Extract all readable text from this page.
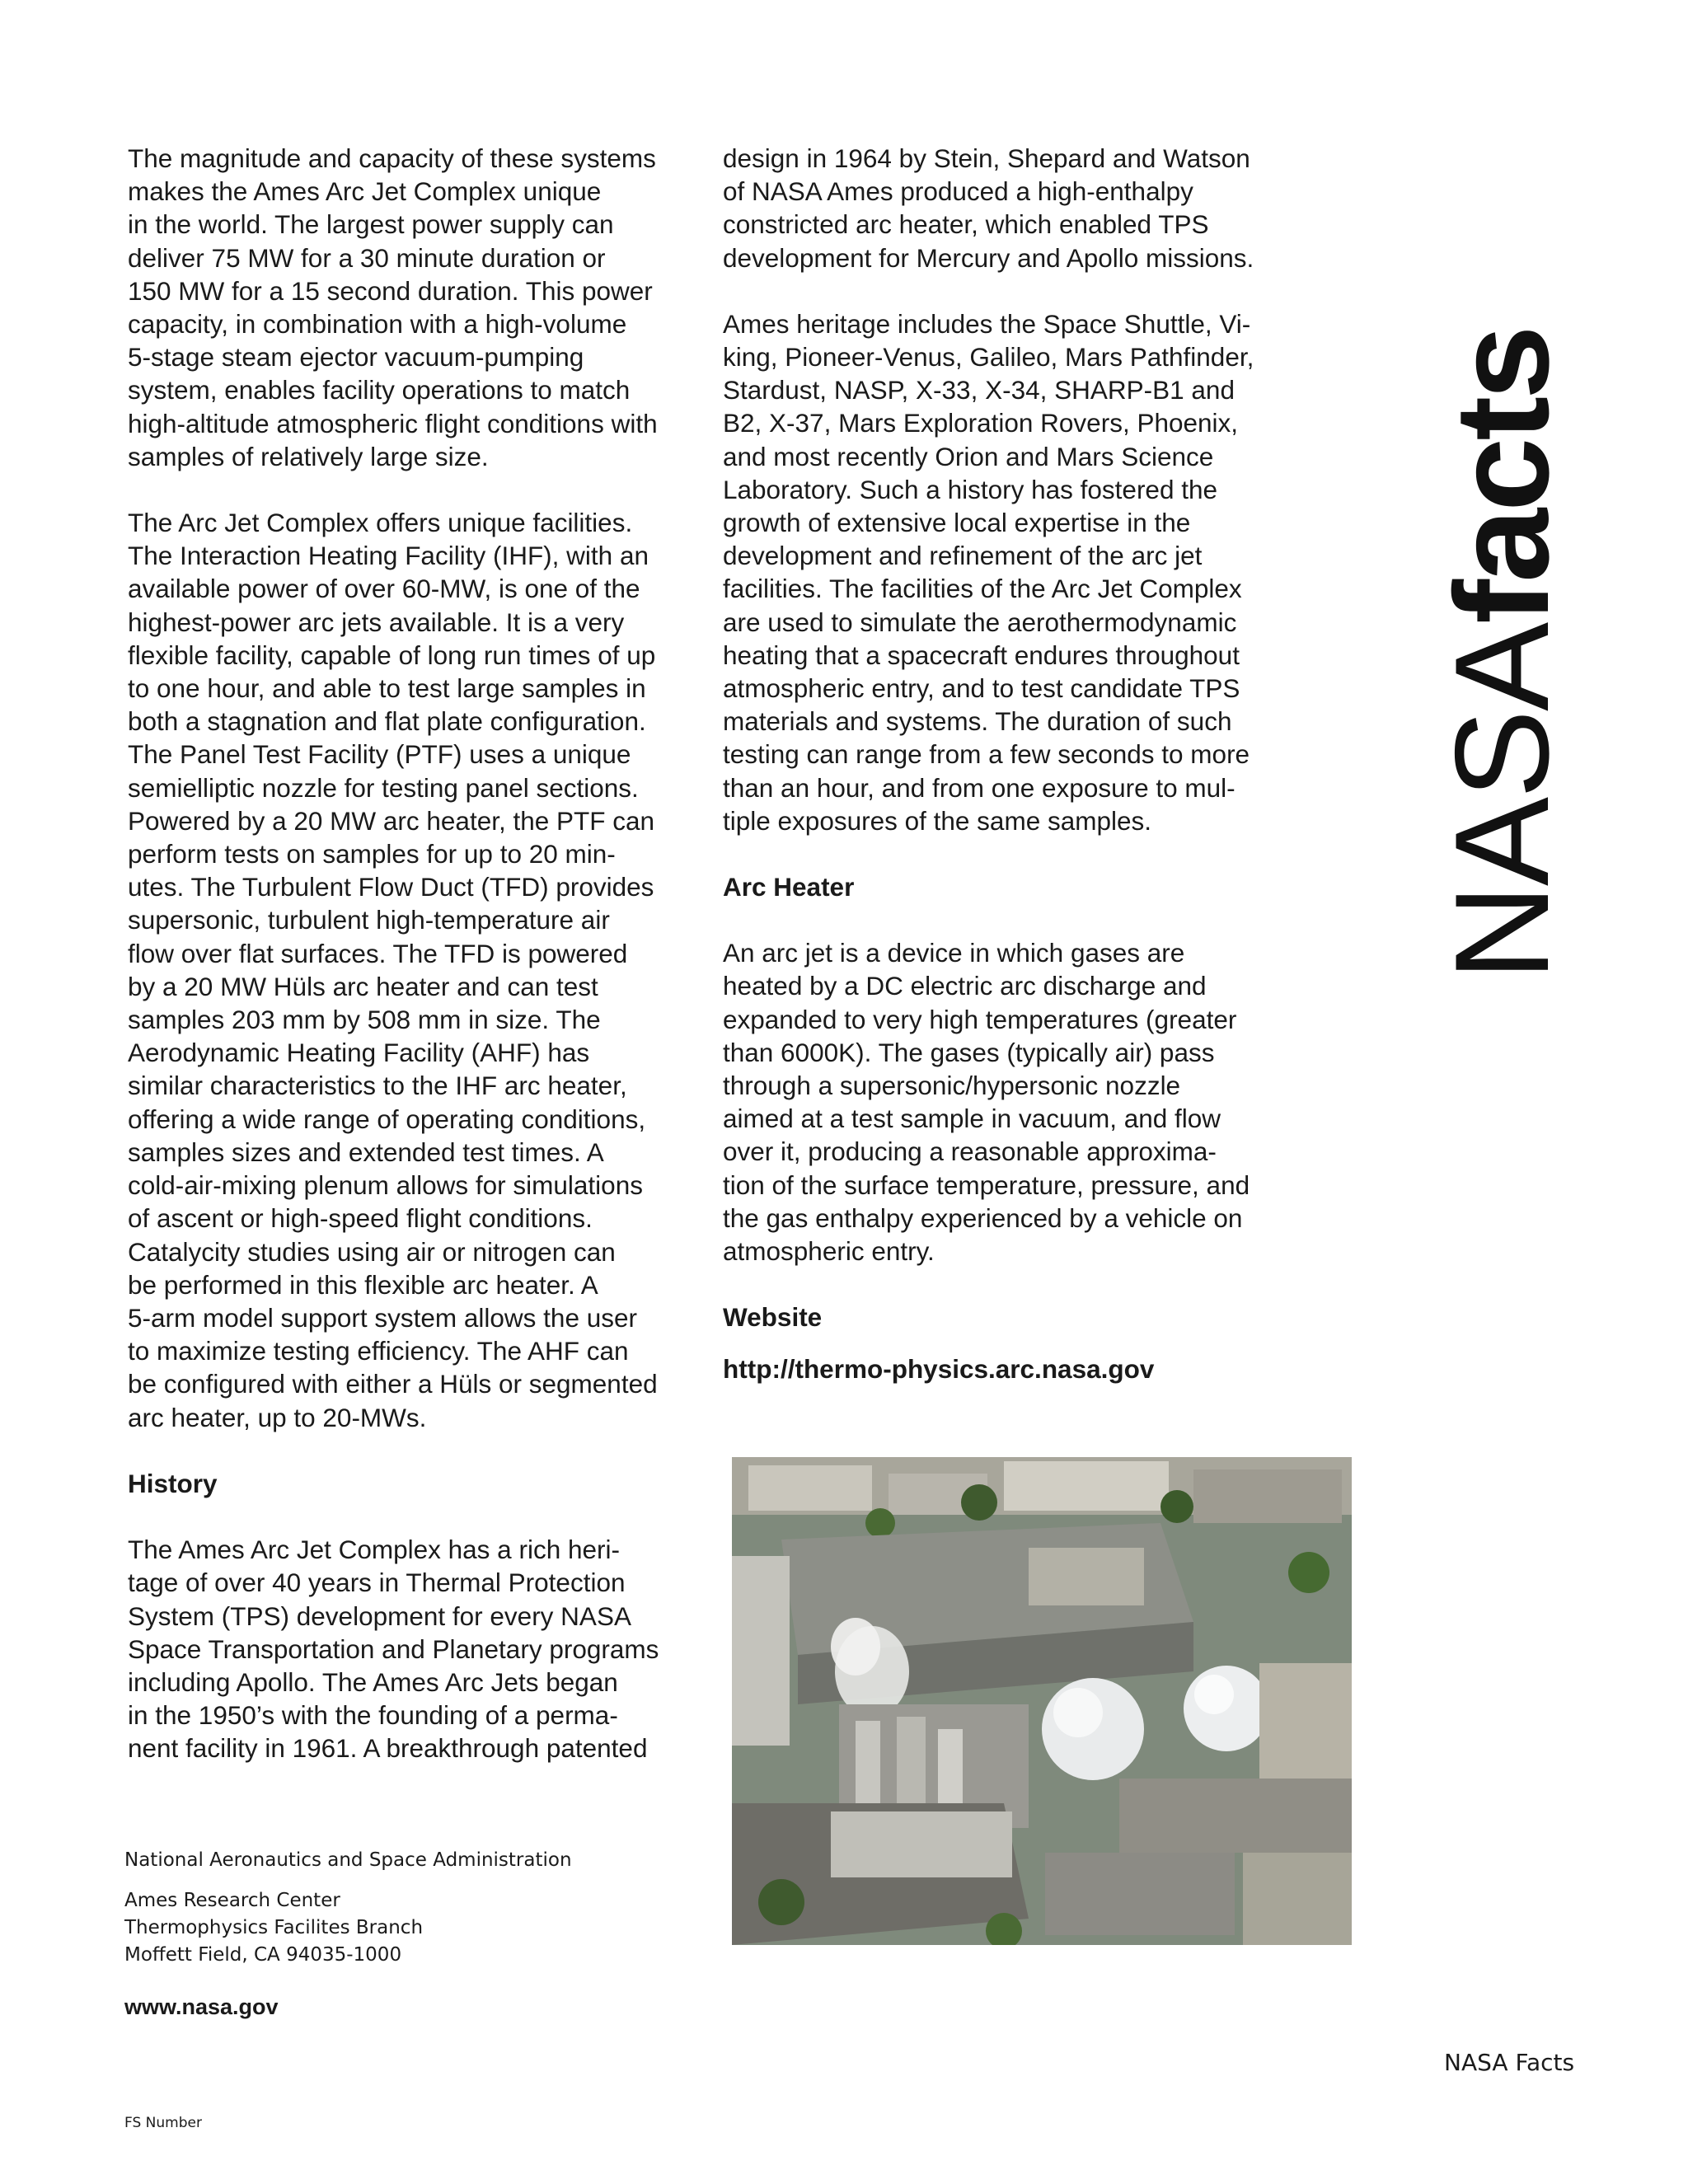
The magnitude and capacity of these systems
makes the Ames Arc Jet Complex unique
in the world. The largest power supply can
deliver 75 MW for a 30 minute duration or
150 MW for a 15 second duration. This power
capacity, in combination with a high-volume
5-stage steam ejector vacuum-pumping
system, enables facility operations to match
high-altitude atmospheric flight conditions with
samples of relatively large size.

The Arc Jet Complex offers unique facilities.
The Interaction Heating Facility (IHF), with an
available power of over 60-MW, is one of the
highest-power arc jets available. It is a very
flexible facility, capable of long run times of up
to one hour, and able to test large samples in
both a stagnation and flat plate configuration.
The Panel Test Facility (PTF) uses a unique
semielliptic nozzle for testing panel sections.
Powered by a 20 MW arc heater, the PTF can
perform tests on samples for up to 20 min-
utes. The Turbulent Flow Duct (TFD) provides
supersonic, turbulent high-temperature air
flow over flat surfaces. The TFD is powered
by a 20 MW Hüls arc heater and can test
samples 203 mm by 508 mm in size. The
Aerodynamic Heating Facility (AHF) has
similar characteristics to the IHF arc heater,
offering a wide range of operating conditions,
samples sizes and extended test times. A
cold-air-mixing plenum allows for simulations
of ascent or high-speed flight conditions.
Catalycity studies using air or nitrogen can
be performed in this flexible arc heater. A
5-arm model support system allows the user
to maximize testing efficiency. The AHF can
be configured with either a Hüls or segmented
arc heater, up to 20-MWs.

History

The Ames Arc Jet Complex has a rich heri-
tage of over 40 years in Thermal Protection
System (TPS) development for every NASA
Space Transportation and Planetary programs
including Apollo. The Ames Arc Jets began
in the 1950’s with the founding of a perma-
nent facility in 1961. A breakthrough patented

design in 1964 by Stein, Shepard and Watson
of NASA Ames produced a high-enthalpy
constricted arc heater, which enabled TPS
development for Mercury and Apollo missions.

Ames heritage includes the Space Shuttle, Vi-
king, Pioneer-Venus, Galileo, Mars Pathfinder,
Stardust, NASP, X-33, X-34, SHARP-B1 and
B2, X-37, Mars Exploration Rovers, Phoenix,
and most recently Orion and Mars Science
Laboratory. Such a history has fostered the
growth of extensive local expertise in the
development and refinement of the arc jet
facilities. The facilities of the Arc Jet Complex
are used to simulate the aerothermodynamic
heating that a spacecraft endures throughout
atmospheric entry, and to test candidate TPS
materials and systems. The duration of such
testing can range from a few seconds to more
than an hour, and from one exposure to mul-
tiple exposures of the same samples.

Arc Heater

An arc jet is a device in which gases are
heated by a DC electric arc discharge and
expanded to very high temperatures (greater
than 6000K). The gases (typically air) pass
through a supersonic/hypersonic nozzle
aimed at a test sample in vacuum, and flow
over it, producing a reasonable approxima-
tion of the surface temperature, pressure, and
the gas enthalpy experienced by a vehicle on
atmospheric entry.

Website

http://thermo-physics.arc.nasa.gov

NASAfacts
National Aeronautics and Space Administration
Ames Research Center
Thermophysics Facilites Branch
Moffett Field, CA 94035-1000
www.nasa.gov
FS Number
NASA Facts
